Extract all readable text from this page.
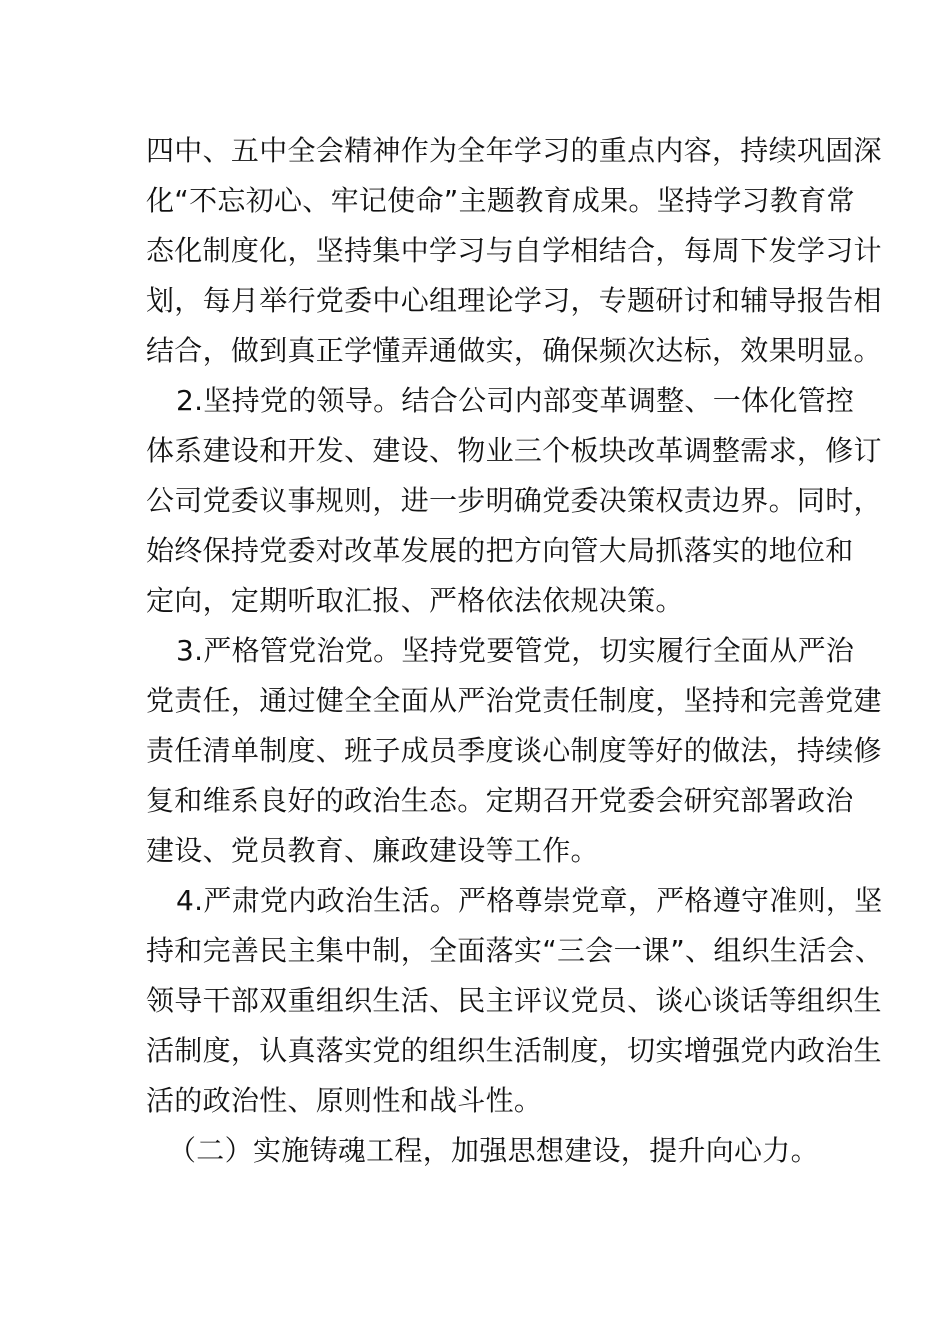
四中、五中全会精神作为全年学习的重点内容，持续巩固深
化“不忘初心、牢记使命”主题教育成果。坚持学习教育常
态化制度化，坚持集中学习与自学相结合，每周下发学习计
划，每月举行党委中心组理论学习，专题研讨和辅导报告相
结合，做到真正学懂弄通做实，确保频次达标，效果明显。
2.坚持党的领导。结合公司内部变革调整、一体化管控
体系建设和开发、建设、物业三个板块改革调整需求，修订
公司党委议事规则，进一步明确党委决策权责边界。同时，
始终保持党委对改革发展的把方向管大局抓落实的地位和
定向，定期听取汇报、严格依法依规决策。
3.严格管党治党。坚持党要管党，切实履行全面从严治
党责任，通过健全全面从严治党责任制度，坚持和完善党建
责任清单制度、班子成员季度谈心制度等好的做法，持续修
复和维系良好的政治生态。定期召开党委会研究部署政治
建设、党员教育、廉政建设等工作。
4.严肃党内政治生活。严格尊崇党章，严格遵守准则，坚
持和完善民主集中制，全面落实“三会一课”、组织生活会、
领导干部双重组织生活、民主评议党员、谈心谈话等组织生
活制度，认真落实党的组织生活制度，切实增强党内政治生
活的政治性、原则性和战斗性。
（二）实施铸魂工程，加强思想建设，提升向心力。
